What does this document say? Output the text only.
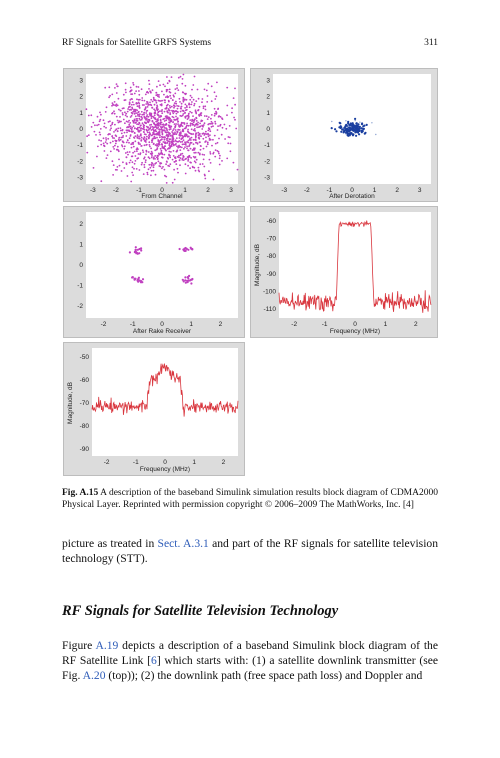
RF Signals for Satellite GRFS Systems	311
-3	-2	-1	0	1	2	3
3
2
1
0
-1
-2
-3
From Channel
-3	-2	-1	0	1	2	3
3
2
1
0
-1
-2
-3
After Derotation
-2	-1	0	1	2
2
1
0
-1
-2
After Rake Receiver
-2	-1	0	1	2
-60
-70
-80
-90
-100
-110
Frequency (MHz)
Magnitude, dB
-2	-1	0	1	2
-50
-60
-70
-80
-90
Frequency (MHz)
Magnitude, dB
Fig. A.15 A description of the baseband Simulink simulation results block diagram of CDMA2000 Physical Layer. Reprinted with permission copyright © 2006–2009 The MathWorks, Inc. [4]
picture as treated in Sect. A.3.1 and part of the RF signals for satellite television technology (STT).
RF Signals for Satellite Television Technology
Figure A.19 depicts a description of a baseband Simulink block diagram of the RF Satellite Link [6] which starts with: (1) a satellite downlink transmitter (see Fig. A.20 (top)); (2) the downlink path (free space path loss) and Doppler and
